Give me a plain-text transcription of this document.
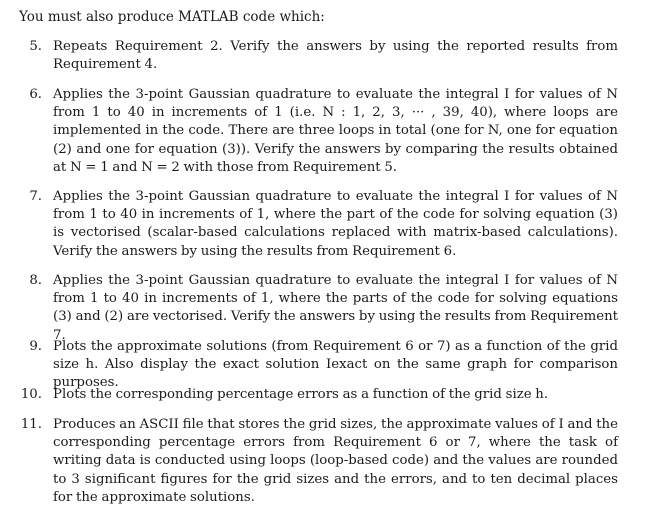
You must also produce MATLAB code which:
5. Repeats Requirement 2. Verify the answers by using the reported results from Requirement 4.
6. Applies the 3-point Gaussian quadrature to evaluate the integral I for values of N from 1 to 40 in increments of 1 (i.e. N : 1, 2, 3, ··· , 39, 40), where loops are implemented in the code. There are three loops in total (one for N, one for equation (2) and one for equation (3)). Verify the answers by comparing the results obtained at N = 1 and N = 2 with those from Requirement 5.
7. Applies the 3-point Gaussian quadrature to evaluate the integral I for values of N from 1 to 40 in increments of 1, where the part of the code for solving equation (3) is vectorised (scalar-based calculations replaced with matrix-based calculations). Verify the answers by using the results from Requirement 6.
8. Applies the 3-point Gaussian quadrature to evaluate the integral I for values of N from 1 to 40 in increments of 1, where the parts of the code for solving equations (3) and (2) are vectorised. Verify the answers by using the results from Requirement 7.
9. Plots the approximate solutions (from Requirement 6 or 7) as a function of the grid size h. Also display the exact solution Iexact on the same graph for comparison purposes.
10. Plots the corresponding percentage errors as a function of the grid size h.
11. Produces an ASCII file that stores the grid sizes, the approximate values of I and the corresponding percentage errors from Requirement 6 or 7, where the task of writing data is conducted using loops (loop-based code) and the values are rounded to 3 significant figures for the grid sizes and the errors, and to ten decimal places for the approximate solutions.
